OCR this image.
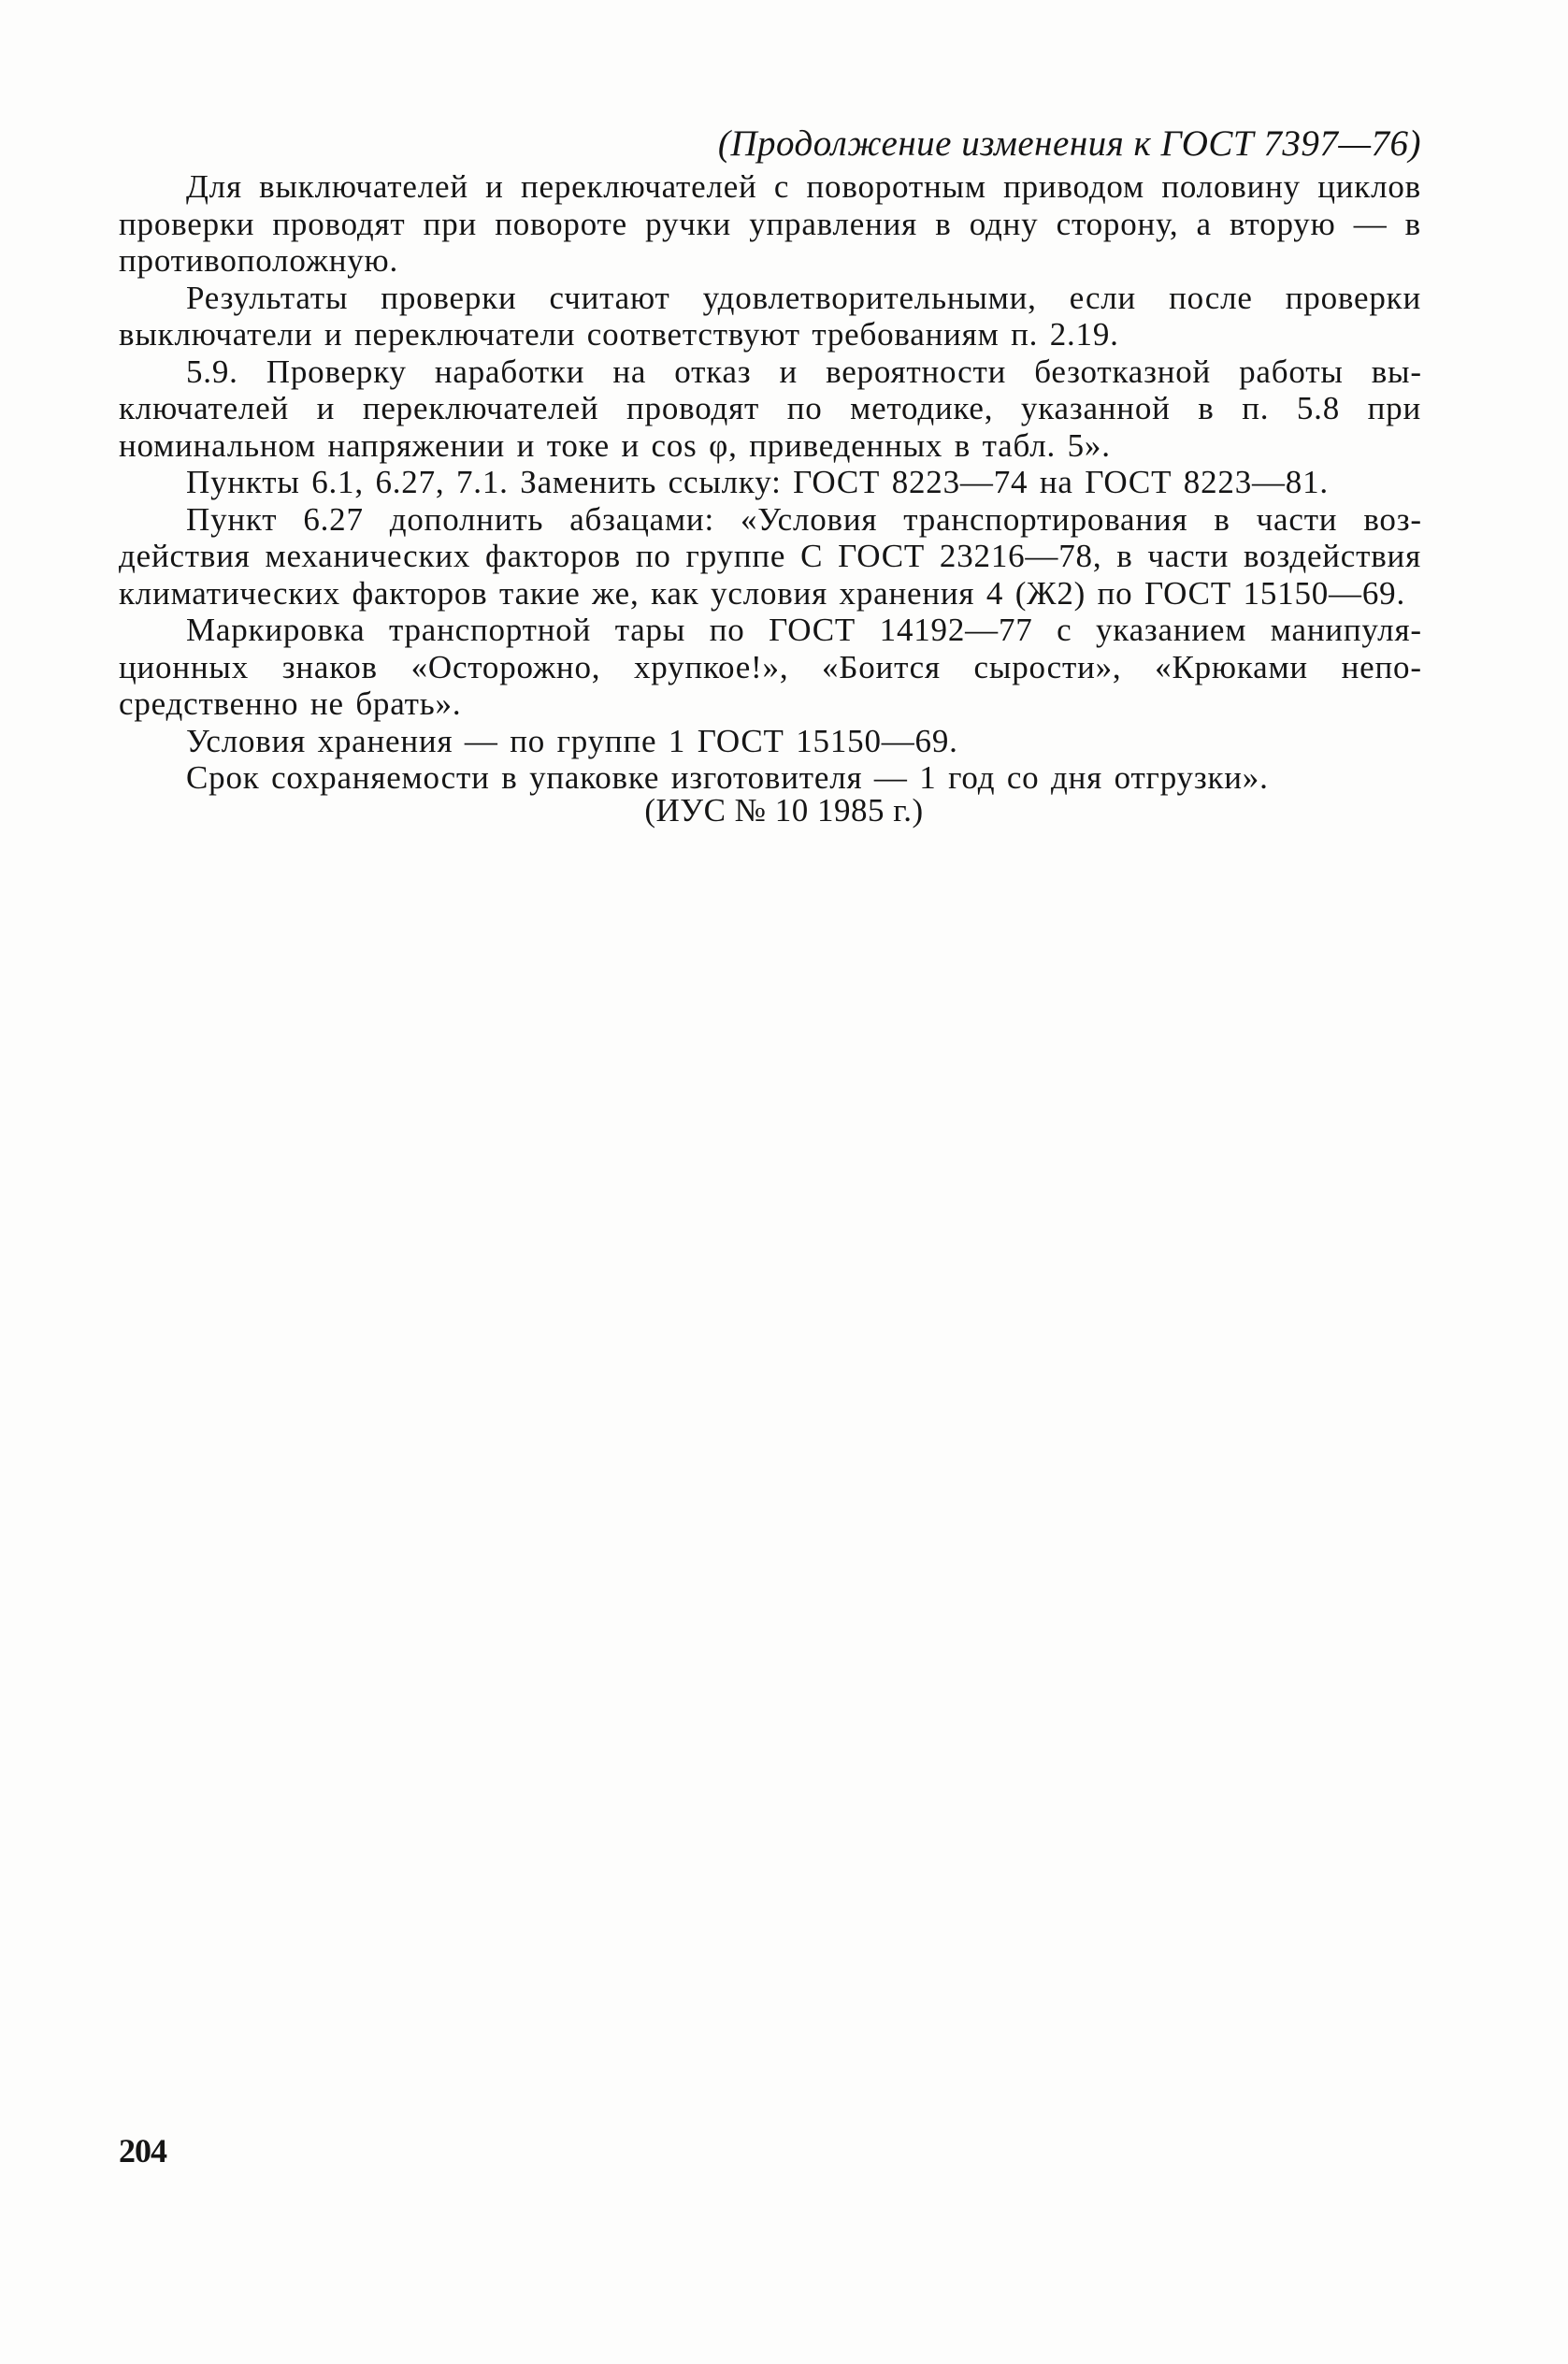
(Продолжение изменения к ГОСТ 7397—76)

Для выключателей и переключателей с поворотным приводом половину циклов проверки проводят при повороте ручки управления в одну сторону, а вторую — в противоположную.

Результаты проверки считают удовлетворительными, если после проверки выключатели и переключатели соответствуют требованиям п. 2.19.

5.9. Проверку наработки на отказ и вероятности безотказной работы выключателей и переключателей проводят по методике, указанной в п. 5.8 при номинальном напряжении и токе и cos φ, приведенных в табл. 5».

Пункты 6.1, 6.27, 7.1. Заменить ссылку: ГОСТ 8223—74 на ГОСТ 8223—81.

Пункт 6.27 дополнить абзацами: «Условия транспортирования в части воздействия механических факторов по группе С ГОСТ 23216—78, в части воздействия климатических факторов такие же, как условия хранения 4 (Ж2) по ГОСТ 15150—69.

Маркировка транспортной тары по ГОСТ 14192—77 с указанием манипуляционных знаков «Осторожно, хрупкое!», «Боится сырости», «Крюками непосредственно не брать».

Условия хранения — по группе 1 ГОСТ 15150—69.

Срок сохраняемости в упаковке изготовителя — 1 год со дня отгрузки».

(ИУС № 10 1985 г.)
204
